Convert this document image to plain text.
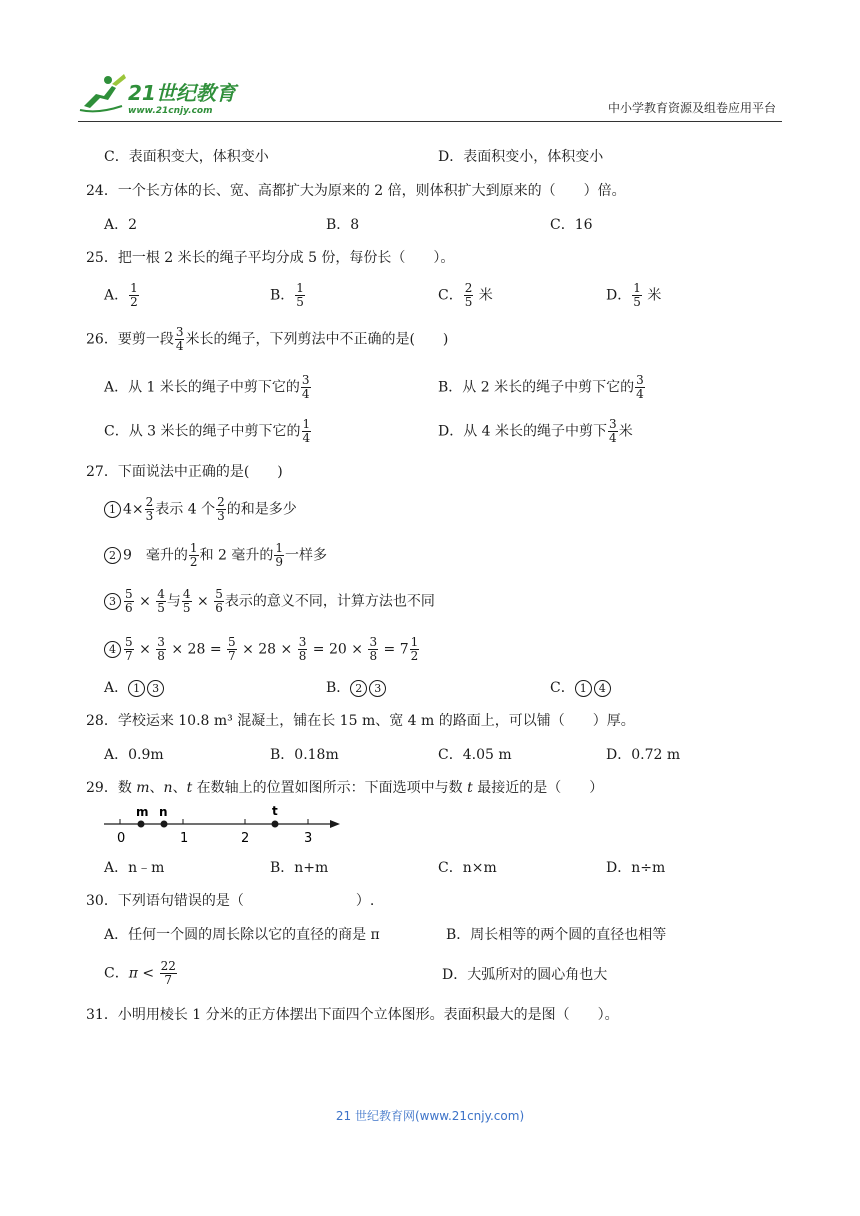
21世纪教育
www.21cnjy.com	中小学教育资源及组卷应用平台
C．表面积变大，体积变小	D．表面积变小，体积变小
24．一个长方体的长、宽、高都扩大为原来的 2 倍，则体积扩大到原来的（　　）倍。
A．2	B．8	C．16
25．把一根 2 米长的绳子平均分成 5 份，每份长（　　）。
A． $\frac{1}{2}$	B． $\frac{1}{5}$	C． $\frac{2}{5}$ 米	D． $\frac{1}{5}$ 米
26．要剪一段 $\frac{3}{4}$ 米长的绳子，下列剪法中不正确的是(　　)
A．从 1 米长的绳子中剪下它的 $\frac{3}{4}$	B．从 2 米长的绳子中剪下它的 $\frac{3}{4}$
C．从 3 米长的绳子中剪下它的 $\frac{1}{4}$	D．从 4 米长的绳子中剪下 $\frac{3}{4}$ 米
27．下面说法中正确的是(　　)
1 $4\times \frac{2}{3}$ 表示 4 个 $\frac{2}{3}$ 的和是多少
2 9　毫升的 $\frac{1}{2}$ 和 2 毫升的 $\frac{1}{9}$ 一样多
$3 \frac{5}{6} \times \frac{4}{5}$ 与 $\frac{4}{5} \times \frac{5}{6}$ 表示的意义不同，计算方法也不同
$4 \frac{5}{7} \times \frac{3}{8} \times 28 = \frac{5}{7} \times 28 \times \frac{3}{8} = 20 \times \frac{3}{8} = 7 \frac{1}{2}$
A． 1 3	B． 2 3	C． 1 4
28．学校运来 10.8 m³ 混凝土，铺在长 15 m、宽 4 m 的路面上，可以铺（　　）厚。
A．0.9m	B．0.18m	C．4.05 m	D．0.72 m
29．数 m、n、t 在数轴上的位置如图所示：下面选项中与数 t 最接近的是（　　）
0	1	2	3
m n	t
A．n﹣m	B．n+m	C．n×m	D．n÷m
30．下列语句错误的是（　　　　　　　　）.
A．任何一个圆的周长除以它的直径的商是 π	B．周长相等的两个圆的直径也相等
C．$\pi < \frac{22}{7}$	D．大弧所对的圆心角也大
31．小明用棱长 1 分米的正方体摆出下面四个立体图形。表面积最大的是图（　　）。
21 世纪教育网(www.21cnjy.com)
